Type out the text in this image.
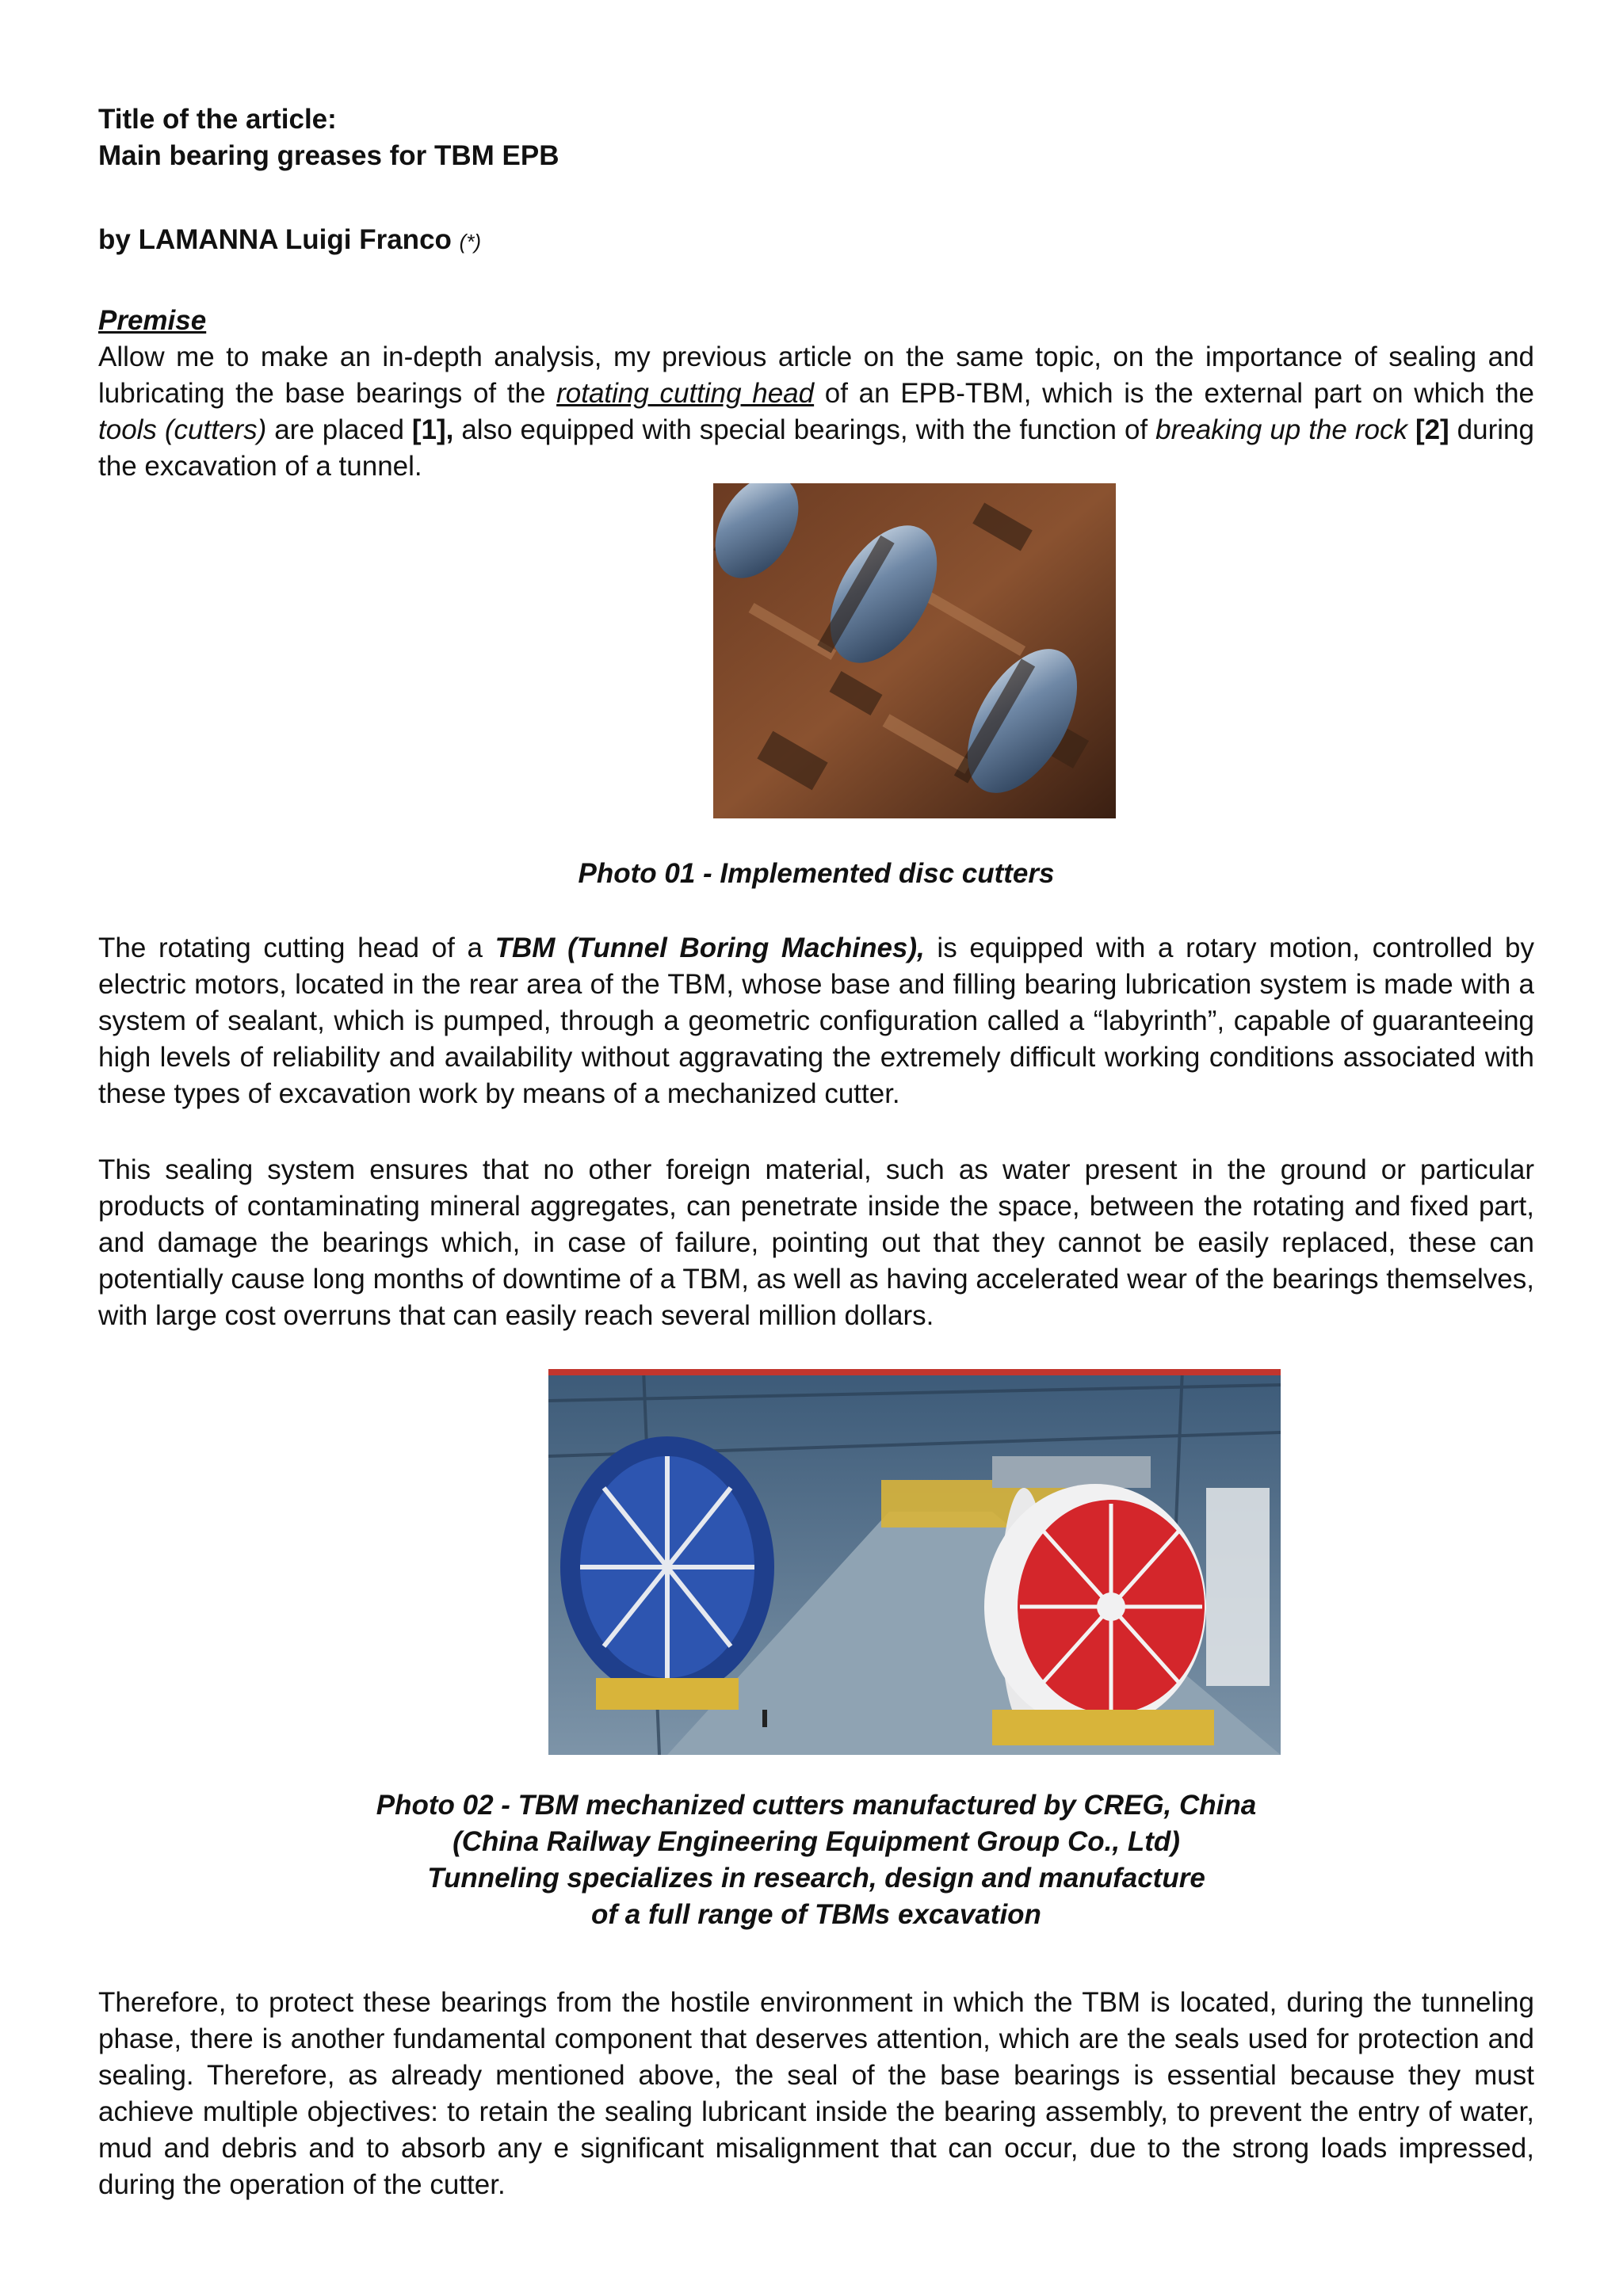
Title of the article:
Main bearing greases for TBM EPB
by LAMANNA Luigi Franco (*)
Premise
Allow me to make an in-depth analysis, my previous article on the same topic, on the importance of sealing and lubricating the base bearings of the rotating cutting head of an EPB-TBM, which is the external part on which the tools (cutters) are placed [1], also equipped with special bearings, with the function of breaking up the rock [2] during the excavation of a tunnel.
Photo 01 - Implemented disc cutters
The rotating cutting head of a TBM (Tunnel Boring Machines), is equipped with a rotary motion, controlled by electric motors, located in the rear area of the TBM, whose base and filling bearing lubrication system is made with a system of sealant, which is pumped, through a geometric configuration called a “labyrinth”, capable of guaranteeing high levels of reliability and availability without aggravating the extremely difficult working conditions associated with these types of excavation work by means of a mechanized cutter.
This sealing system ensures that no other foreign material, such as water present in the ground or particular products of contaminating mineral aggregates, can penetrate inside the space, between the rotating and fixed part, and damage the bearings which, in case of failure, pointing out that they cannot be easily replaced, these can potentially cause long months of downtime of a TBM, as well as having accelerated wear of the bearings themselves, with large cost overruns that can easily reach several million dollars.
Photo 02 - TBM mechanized cutters manufactured by CREG, China
(China Railway Engineering Equipment Group Co., Ltd)
Tunneling specializes in research, design and manufacture
of a full range of TBMs excavation
Therefore, to protect these bearings from the hostile environment in which the TBM is located, during the tunneling phase, there is another fundamental component that deserves attention, which are the seals used for protection and sealing. Therefore, as already mentioned above, the seal of the base bearings is essential because they must achieve multiple objectives: to retain the sealing lubricant inside the bearing assembly, to prevent the entry of water, mud and debris and to absorb any e significant misalignment that can occur, due to the strong loads impressed, during the operation of the cutter.
